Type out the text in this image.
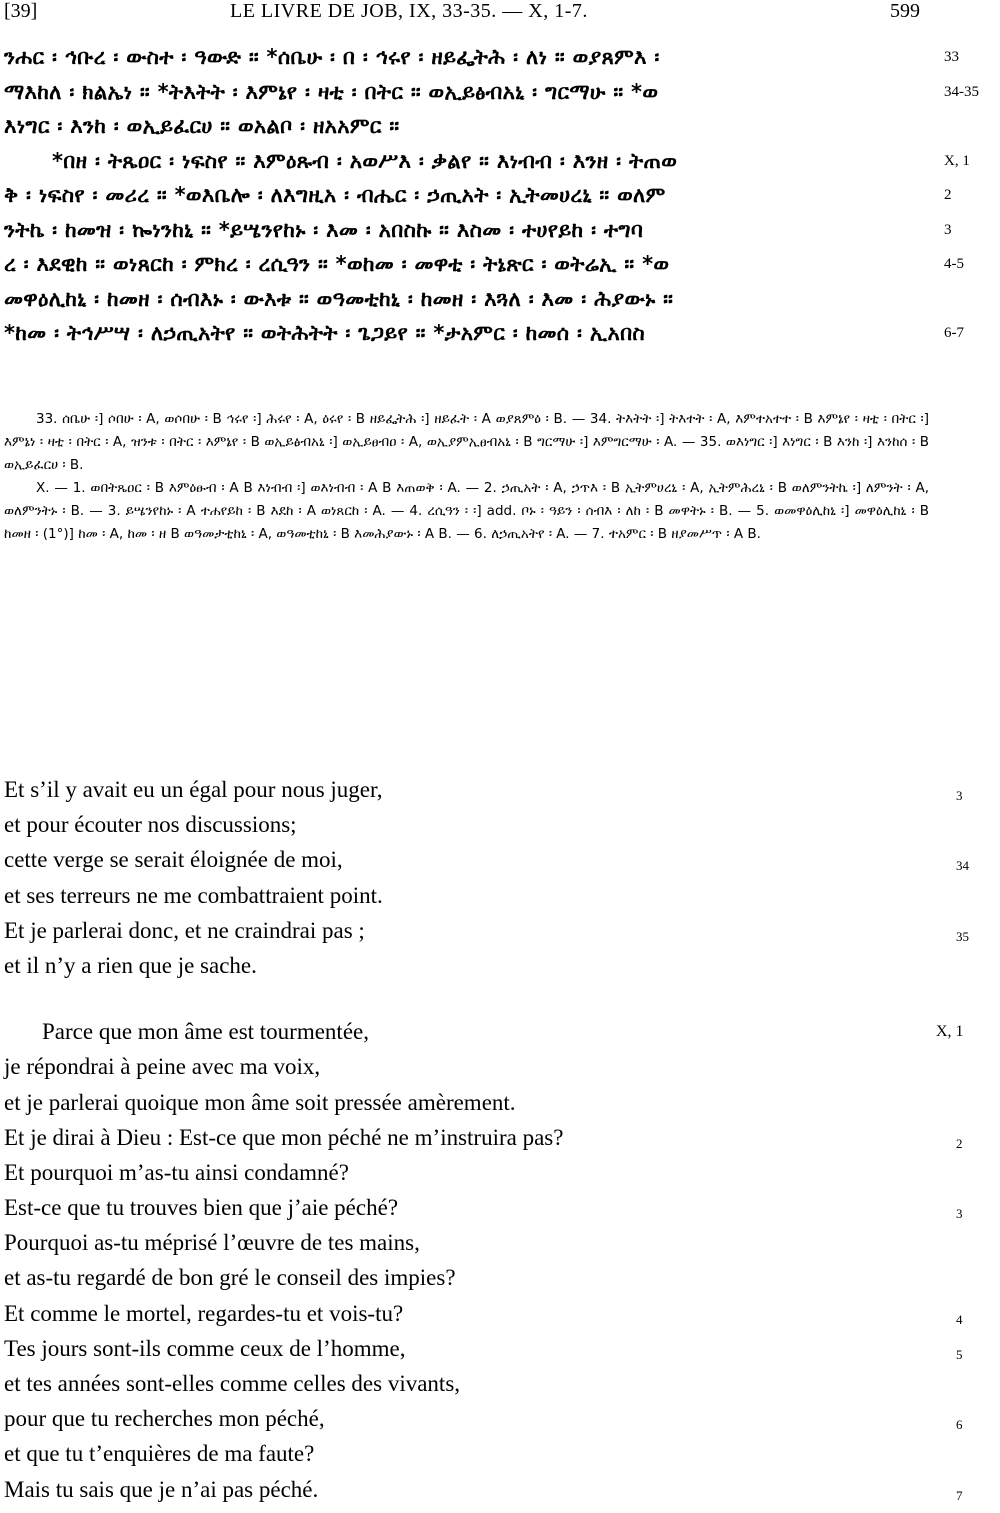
[39]	LE LIVRE DE JOB, IX, 33-35. — X, 1-7.	599
ንሐር ፡ ኅቡረ ፡ ውስተ ፡ ዓውድ ። *ሰቤሁ ፡ በ ፡ ኅሩየ ፡ ዘይፌትሕ ፡ ለነ ። ወያጸምእ ፡	33
ማእከለ ፡ ክልኤነ ። *ትእትት ፡ እምኔየ ፡ ዛቲ ፡ በትር ። ወኢይፅብአኒ ፡ ግርማሁ ። *ወ	34-35
እነግር ፡ እንከ ፡ ወኢይፈርሀ ። ወአልቦ ፡ ዘአአምር ።
*በዘ ፡ ትጼዐር ፡ ነፍስየ ። እምዕጹብ ፡ አወሥእ ፡ ቃልየ ። እነብብ ፡ እንዘ ፡ ትጠወ	X, 1
ቅ ፡ ነፍስየ ፡ መሪረ ። *ወእቤሎ ፡ ለእግዚአ ፡ ብሔር ፡ ኃጢአት ፡ ኢትመሀረኒ ። ወለም	2
ንትኬ ፡ ከመዝ ፡ ኰነንከኒ ። *ይሤንየከኑ ፡ እመ ፡ አበስኩ ። እስመ ፡ ተሀየይከ ፡ ተግባ	3
ረ ፡ እደዊከ ። ወነጸርከ ፡ ምክረ ፡ ረሲዓን ። *ወከመ ፡ መዋቲ ፡ ትኔጽር ፡ ወትሬኢ ። *ወ	4-5
መዋዕሊከኒ ፡ ከመዘ ፡ ሰብእኑ ፡ ውእቱ ። ወዓመቲከኒ ፡ ከመዘ ፡ እጓለ ፡ እመ ፡ ሕያውኑ ።
*ከመ ፡ ትኅሥሣ ፡ ለኃጢአትየ ። ወትሕትት ፡ ጌጋይየ ። *ታአምር ፡ ከመሰ ፡ ኢአበስ	6-7

33. ሰቤሁ ፡] ሶበሁ ፡ A, ወሶበሁ ፡ B ኅሩየ ፡] ሕሩየ ፡ A, ዕሩየ ፡ B ዘይፌትሕ ፡] ዘይፈት ፡ A ወያጸምዕ ፡ B. — 34. ትእትት ፡] ትእተት ፡ A, እምተአተተ ፡ B እምኔየ ፡ ዛቲ ፡ በትር ፡] እምኔነ ፡ ዛቲ ፡ በትር ፡ A, ዝንቱ ፡ በትር ፡ እምኔየ ፡ B ወኢይፅብአኒ ፡] ወኢይፀብዐ ፡ A, ወኢያምኢፀብአኒ ፡ B ግርማሁ ፡] እምግርማሁ ፡ A. — 35. ወእነግር ፡] እነግር ፡ B እንከ ፡] እንከሰ ፡ B ወኢይፈርሀ ፡ B.

X. — 1. ወበትጼዐር ፡ B እምዕፁብ ፡ A B እነብብ ፡] ወእነብብ ፡ A B እጠወቅ ፡ A. — 2. ኃጢአት ፡ A, ኃጥእ ፡ B ኢትምሀረኒ ፡ A, ኢትምሕረኒ ፡ B ወለምንትኬ ፡] ለምንት ፡ A, ወለምንትኑ ፡ B. — 3. ይሤንየከኑ ፡ A ተሐየይከ ፡ B እደከ ፡ A ወነጸርከ ፡ A. — 4. ረሲዓን ፡ ፡] add. ቦኑ ፡ ዓይን ፡ ሰብእ ፡ ለከ ፡ B መዋትኑ ፡ B. — 5. ወመዋዕሊከኒ ፡] መዋዕሊከኒ ፡ B ከመዘ ፡ (1°)] ከመ ፡ A, ከመ ፡ ዘ B ወዓመታቲከኒ ፡ A, ወዓመቲከኒ ፡ B እመሕያውኑ ፡ A B. — 6. ለኃጢአትየ ፡ A. — 7. ተአምር ፡ B ዘያመሥጥ ፡ A B.

Et s’il y avait eu un égal pour nous juger,	3
et pour écouter nos discussions;
cette verge se serait éloignée de moi,	34
et ses terreurs ne me combattraient point.
Et je parlerai donc, et ne craindrai pas ;	35
et il n’y a rien que je sache.
Parce que mon âme est tourmentée,	X, 1
je répondrai à peine avec ma voix,
et je parlerai quoique mon âme soit pressée amèrement.
Et je dirai à Dieu : Est-ce que mon péché ne m’instruira pas?	2
Et pourquoi m’as-tu ainsi condamné?
Est-ce que tu trouves bien que j’aie péché?	3
Pourquoi as-tu méprisé l’œuvre de tes mains,
et as-tu regardé de bon gré le conseil des impies?
Et comme le mortel, regardes-tu et vois-tu?	4
Tes jours sont-ils comme ceux de l’homme,	5
et tes années sont-elles comme celles des vivants,
pour que tu recherches mon péché,	6
et que tu t’enquières de ma faute?
Mais tu sais que je n’ai pas péché.	7
